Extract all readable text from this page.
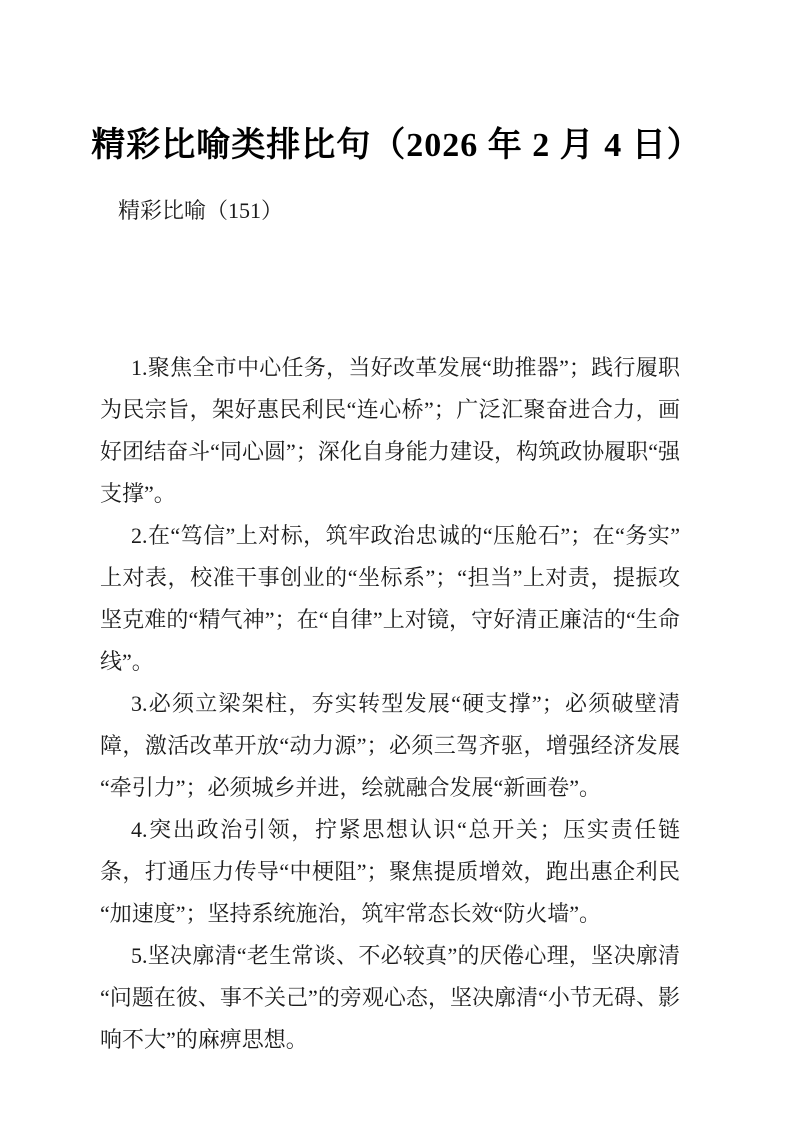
精彩比喻类排比句（2026 年 2 月 4 日）
精彩比喻（151）

1.聚焦全市中心任务，当好改革发展“助推器”；践行履职为民宗旨，架好惠民利民“连心桥”；广泛汇聚奋进合力，画好团结奋斗“同心圆”；深化自身能力建设，构筑政协履职“强支撑”。

2.在“笃信”上对标，筑牢政治忠诚的“压舱石”；在“务实”上对表，校准干事创业的“坐标系”；“担当”上对责，提振攻坚克难的“精气神”；在“自律”上对镜，守好清正廉洁的“生命线”。

3.必须立梁架柱，夯实转型发展“硬支撑”；必须破壁清障，激活改革开放“动力源”；必须三驾齐驱，增强经济发展“牵引力”；必须城乡并进，绘就融合发展“新画卷”。

4.突出政治引领，拧紧思想认识“总开关；压实责任链条，打通压力传导“中梗阻”；聚焦提质增效，跑出惠企利民“加速度”；坚持系统施治，筑牢常态长效“防火墙”。

5.坚决廓清“老生常谈、不必较真”的厌倦心理，坚决廓清“问题在彼、事不关己”的旁观心态，坚决廓清“小节无碍、影响不大”的麻痹思想。
